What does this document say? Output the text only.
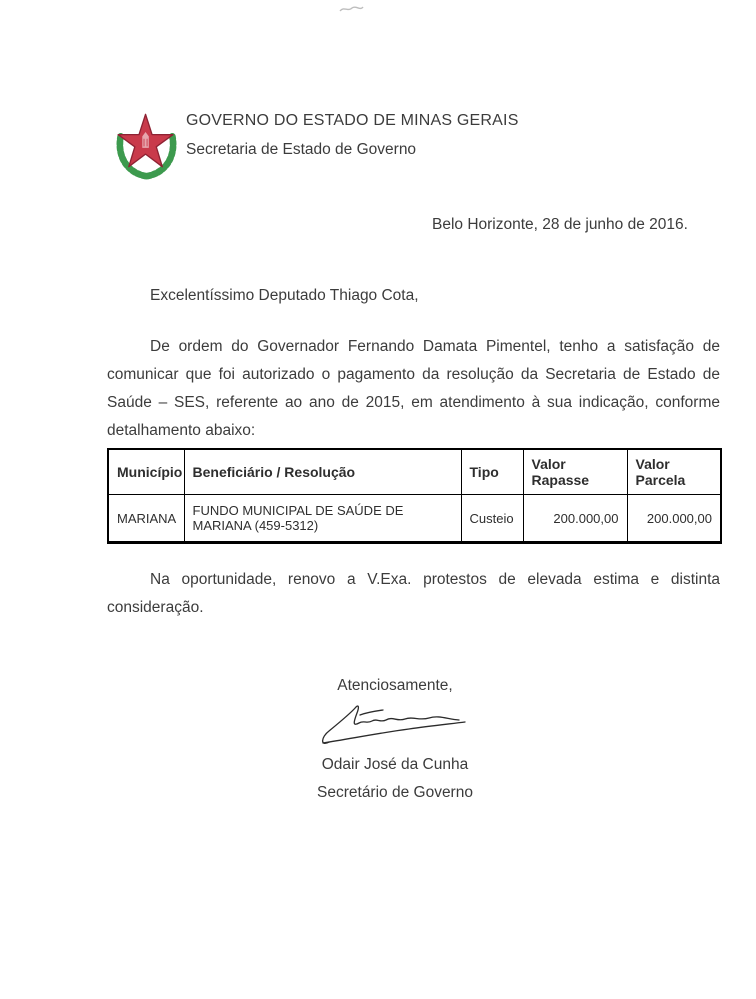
GOVERNO DO ESTADO DE MINAS GERAIS

Secretaria de Estado de Governo

Belo Horizonte, 28 de junho de 2016.

Excelentíssimo Deputado Thiago Cota,

De ordem do Governador Fernando Damata Pimentel, tenho a satisfação de comunicar que foi autorizado o pagamento da resolução da Secretaria de Estado de Saúde – SES, referente ao ano de 2015, em atendimento à sua indicação, conforme detalhamento abaixo:

Município	Beneficiário / Resolução	Tipo	Valor Rapasse	Valor Parcela
MARIANA	FUNDO MUNICIPAL DE SAÚDE DE MARIANA (459-5312)	Custeio	200.000,00	200.000,00

Na oportunidade, renovo a V.Exa. protestos de elevada estima e distinta consideração.

Atenciosamente,

Odair José da Cunha

Secretário de Governo
